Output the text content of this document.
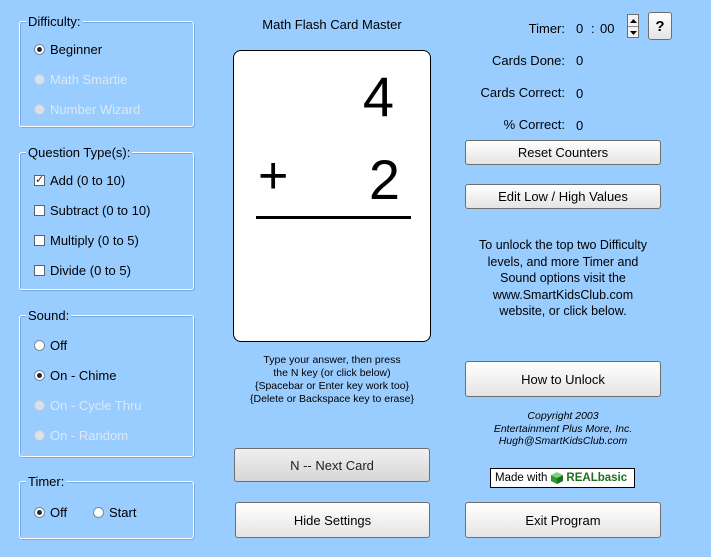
Difficulty:
Beginner
Math Smartie
Number Wizard
Question Type(s):
✓
Add (0 to 10)
Subtract (0 to 10)
Multiply (0 to 5)
Divide (0 to 5)
Sound:
Off
On - Chime
On - Cycle Thru
On - Random
Timer:
Off	Start
Math Flash Card Master
4
+ 2
Type your answer, then press
the N key (or click below)
{Spacebar or Enter key work too}
{Delete or Backspace key to erase}
N -- Next Card
Hide Settings
Timer: 0 : 00	?
Cards Done: 0
Cards Correct: 0
% Correct: 0
Reset Counters
Edit Low / High Values
To unlock the top two Difficulty
levels, and more Timer and
Sound options visit the
www.SmartKidsClub.com
website, or click below.
How to Unlock
Copyright 2003
Entertainment Plus More, Inc.
Hugh@SmartKidsClub.com
Made with REALbasic
Exit Program
